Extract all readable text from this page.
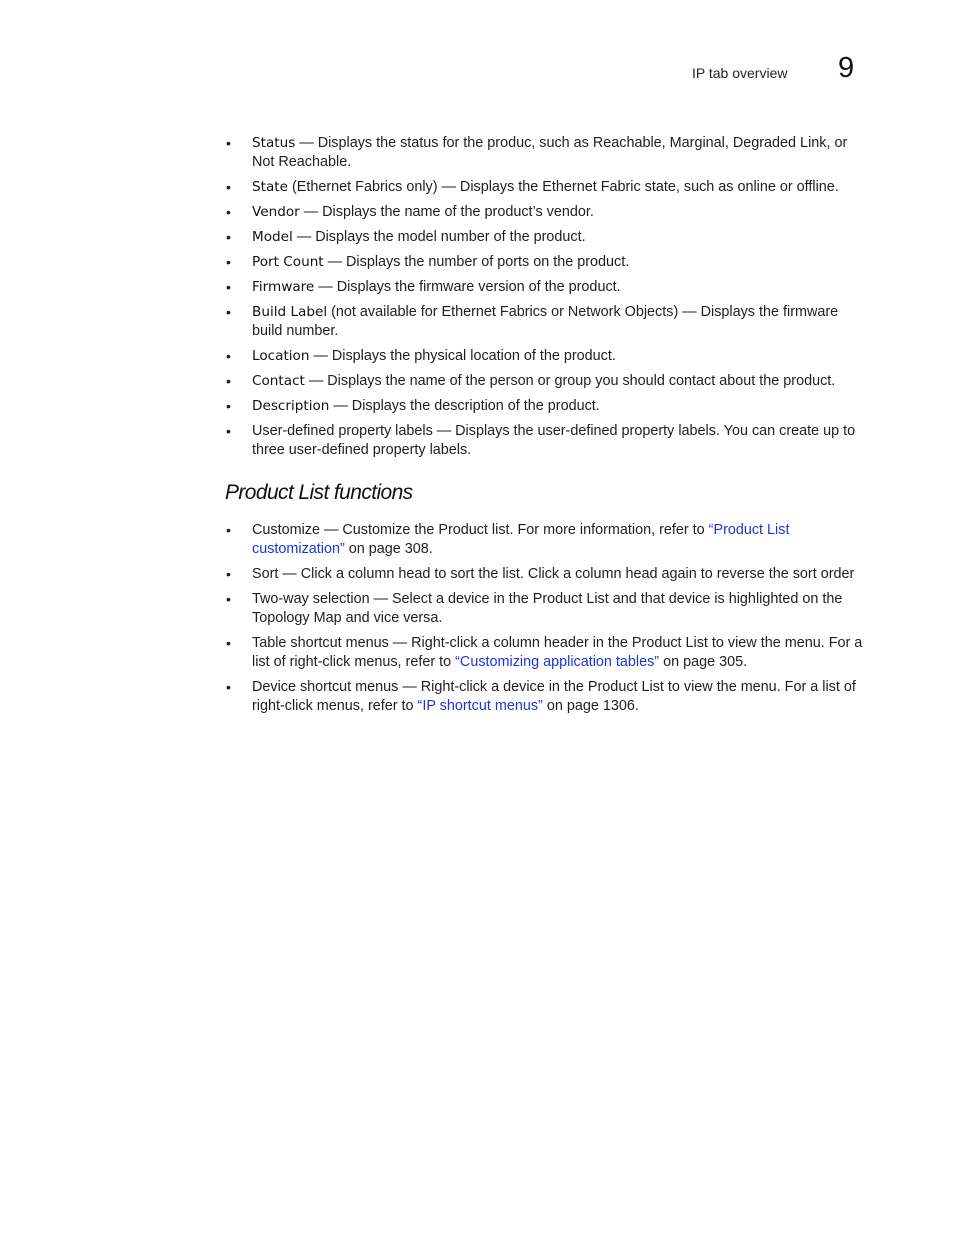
IP tab overview 9
• Status — Displays the status for the produc, such as Reachable, Marginal, Degraded Link, or Not Reachable.
• State (Ethernet Fabrics only) — Displays the Ethernet Fabric state, such as online or offline.
• Vendor — Displays the name of the product’s vendor.
• Model — Displays the model number of the product.
• Port Count — Displays the number of ports on the product.
• Firmware — Displays the firmware version of the product.
• Build Label (not available for Ethernet Fabrics or Network Objects) — Displays the firmware build number.
• Location — Displays the physical location of the product.
• Contact — Displays the name of the person or group you should contact about the product.
• Description — Displays the description of the product.
• User-defined property labels — Displays the user-defined property labels. You can create up to three user-defined property labels.
Product List functions
• Customize — Customize the Product list. For more information, refer to “Product List customization” on page 308.
• Sort — Click a column head to sort the list. Click a column head again to reverse the sort order
• Two-way selection — Select a device in the Product List and that device is highlighted on the Topology Map and vice versa.
• Table shortcut menus — Right-click a column header in the Product List to view the menu. For a list of right-click menus, refer to “Customizing application tables” on page 305.
• Device shortcut menus — Right-click a device in the Product List to view the menu. For a list of right-click menus, refer to “IP shortcut menus” on page 1306.
